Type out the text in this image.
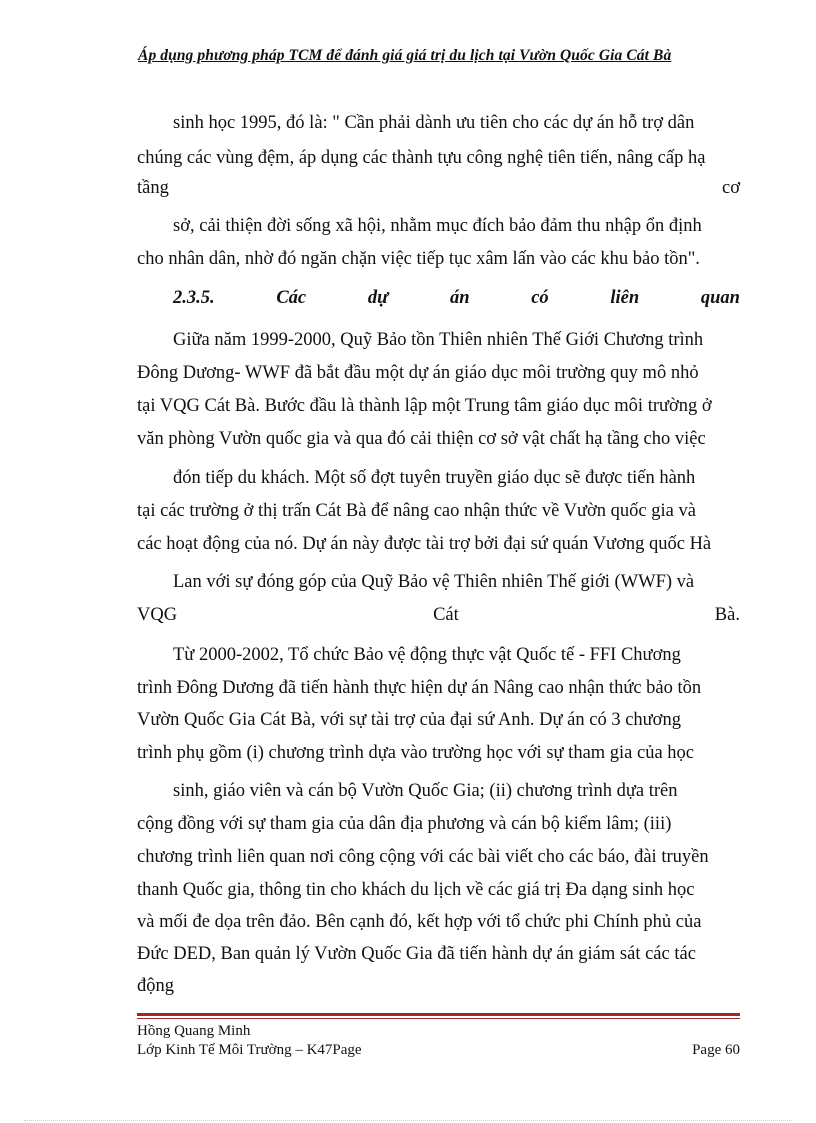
Áp dụng phương pháp TCM để đánh giá giá trị du lịch tại Vườn Quốc Gia Cát Bà
sinh học 1995, đó là: " Cần phải dành ưu tiên cho các dự án hỗ trợ dân
chúng các vùng đệm, áp dụng các thành tựu công nghệ tiên tiến, nâng cấp hạ
tầng	cơ
sở, cải thiện đời sống xã hội, nhằm mục đích bảo đảm thu nhập ổn định
cho nhân dân, nhờ đó ngăn chặn việc tiếp tục xâm lấn vào các khu bảo tồn".
2.3.5.	Các	dự	án	có	liên	quan
Giữa năm 1999-2000, Quỹ Bảo tồn Thiên nhiên Thế Giới Chương trình
Đông Dương- WWF đã bắt đầu một dự án giáo dục môi trường quy mô nhỏ
tại VQG Cát Bà. Bước đầu là thành lập một Trung tâm giáo dục môi trường ở
văn phòng Vườn quốc gia và qua đó cải thiện cơ sở vật chất hạ tầng cho việc
đón tiếp du khách. Một số đợt tuyên truyền giáo dục sẽ được tiến hành
tại các trường ở thị trấn Cát Bà để nâng cao nhận thức về Vườn quốc gia và
các hoạt động của nó. Dự án này được tài trợ bởi đại sứ quán Vương quốc Hà
Lan với sự đóng góp của Quỹ Bảo vệ Thiên nhiên Thế giới (WWF) và
VQG	Cát	Bà.
Từ 2000-2002, Tổ chức Bảo vệ động thực vật Quốc tế - FFI Chương
trình Đông Dương đã tiến hành thực hiện dự án Nâng cao nhận thức bảo tồn
Vườn Quốc Gia Cát Bà, với sự tài trợ của đại sứ Anh. Dự án có 3 chương
trình phụ gồm (i) chương trình dựa vào trường học với sự tham gia của học
sinh, giáo viên và cán bộ Vườn Quốc Gia; (ii) chương trình dựa trên
cộng đồng với sự tham gia của dân địa phương và cán bộ kiểm lâm; (iii)
chương trình liên quan nơi công cộng với các bài viết cho các báo, đài truyền
thanh Quốc gia, thông tin cho khách du lịch về các giá trị Đa dạng sinh học
và mối đe dọa trên đảo. Bên cạnh đó, kết hợp với tổ chức phi Chính phủ của
Đức DED, Ban quản lý Vườn Quốc Gia đã tiến hành dự án giám sát các tác
động
Hồng Quang Minh
Lớp Kinh Tế Môi Trường – K47Page	Page 60
